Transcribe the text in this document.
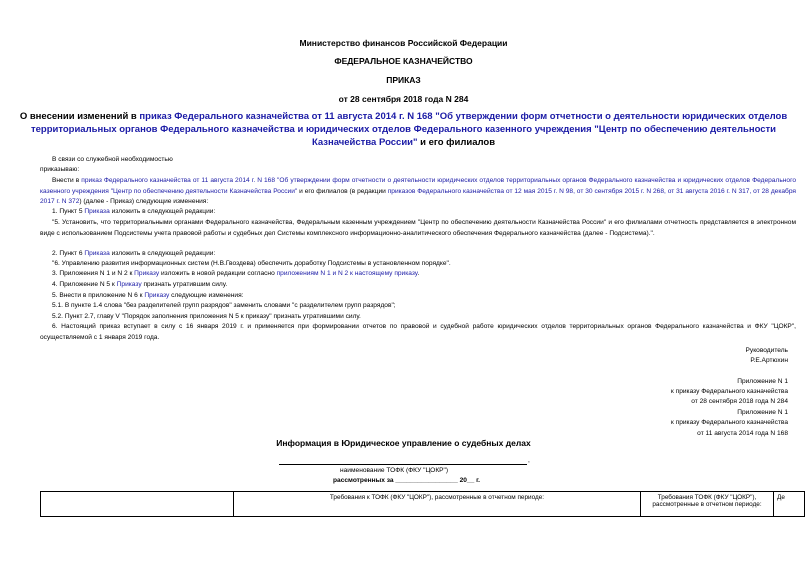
Министерство финансов Российской Федерации
ФЕДЕРАЛЬНОЕ КАЗНАЧЕЙСТВО
ПРИКАЗ
от 28 сентября 2018 года N 284
О внесении изменений в приказ Федерального казначейства от 11 августа 2014 г. N 168 "Об утверждении форм отчетности о деятельности юридических отделов территориальных органов Федерального казначейства и юридических отделов Федерального казенного учреждения "Центр по обеспечению деятельности Казначейства России" и его филиалов
В связи со служебной необходимостью
приказываю:
Внести в приказ Федерального казначейства от 11 августа 2014 г. N 168 "Об утверждении форм отчетности о деятельности юридических отделов территориальных органов Федерального казначейства и юридических отделов Федерального казенного учреждения "Центр по обеспечению деятельности Казначейства России" и его филиалов (в редакции приказов Федерального казначейства от 12 мая 2015 г. N 98, от 30 сентября 2015 г. N 268, от 31 августа 2016 г. N 317, от 28 декабря 2017 г. N 372) (далее - Приказ) следующие изменения:
1. Пункт 5 Приказа изложить в следующей редакции:
"5. Установить, что территориальными органами Федерального казначейства, Федеральным казенным учреждением "Центр по обеспечению деятельности Казначейства России" и его филиалами отчетность представляется в электронном виде с использованием Подсистемы учета правовой работы и судебных дел Системы комплексного информационно-аналитического обеспечения Федерального казначейства (далее - Подсистема).".
2. Пункт 6 Приказа изложить в следующей редакции:
"6. Управлению развития информационных систем (Н.В.Гвоздева) обеспечить доработку Подсистемы в установленном порядке".
3. Приложения N 1 и N 2 к Приказу изложить в новой редакции согласно приложениям N 1 и N 2 к настоящему приказу.
4. Приложение N 5 к Приказу признать утратившим силу.
5. Внести в приложение N 6 к Приказу следующие изменения:
5.1. В пункте 1.4 слова "без разделителей групп разрядов" заменить словами "с разделителем групп разрядов";
5.2. Пункт 2.7, главу V "Порядок заполнения приложения N 5 к приказу" признать утратившими силу.
6. Настоящий приказ вступает в силу с 16 января 2019 г. и применяется при формировании отчетов по правовой и судебной работе юридических отделов территориальных органов Федерального казначейства и ФКУ "ЦОКР", осуществляемой с 1 января 2019 года.
Руководитель
Р.Е.Артюхин
Приложение N 1
к приказу Федерального казначейства
от 28 сентября 2018 года N 284
Приложение N 1
к приказу Федерального казначейства
от 11 августа 2014 года N 168
Информация в Юридическое управление о судебных делах
,
наименование ТОФК (ФКУ "ЦОКР")
рассмотренных за _________________ 20__ г.
	Требования к ТОФК (ФКУ "ЦОКР"), рассмотренные в отчетном периоде:	Требования ТОФК (ФКУ "ЦОКР"), рассмотренные в отчетном периоде:	Де
